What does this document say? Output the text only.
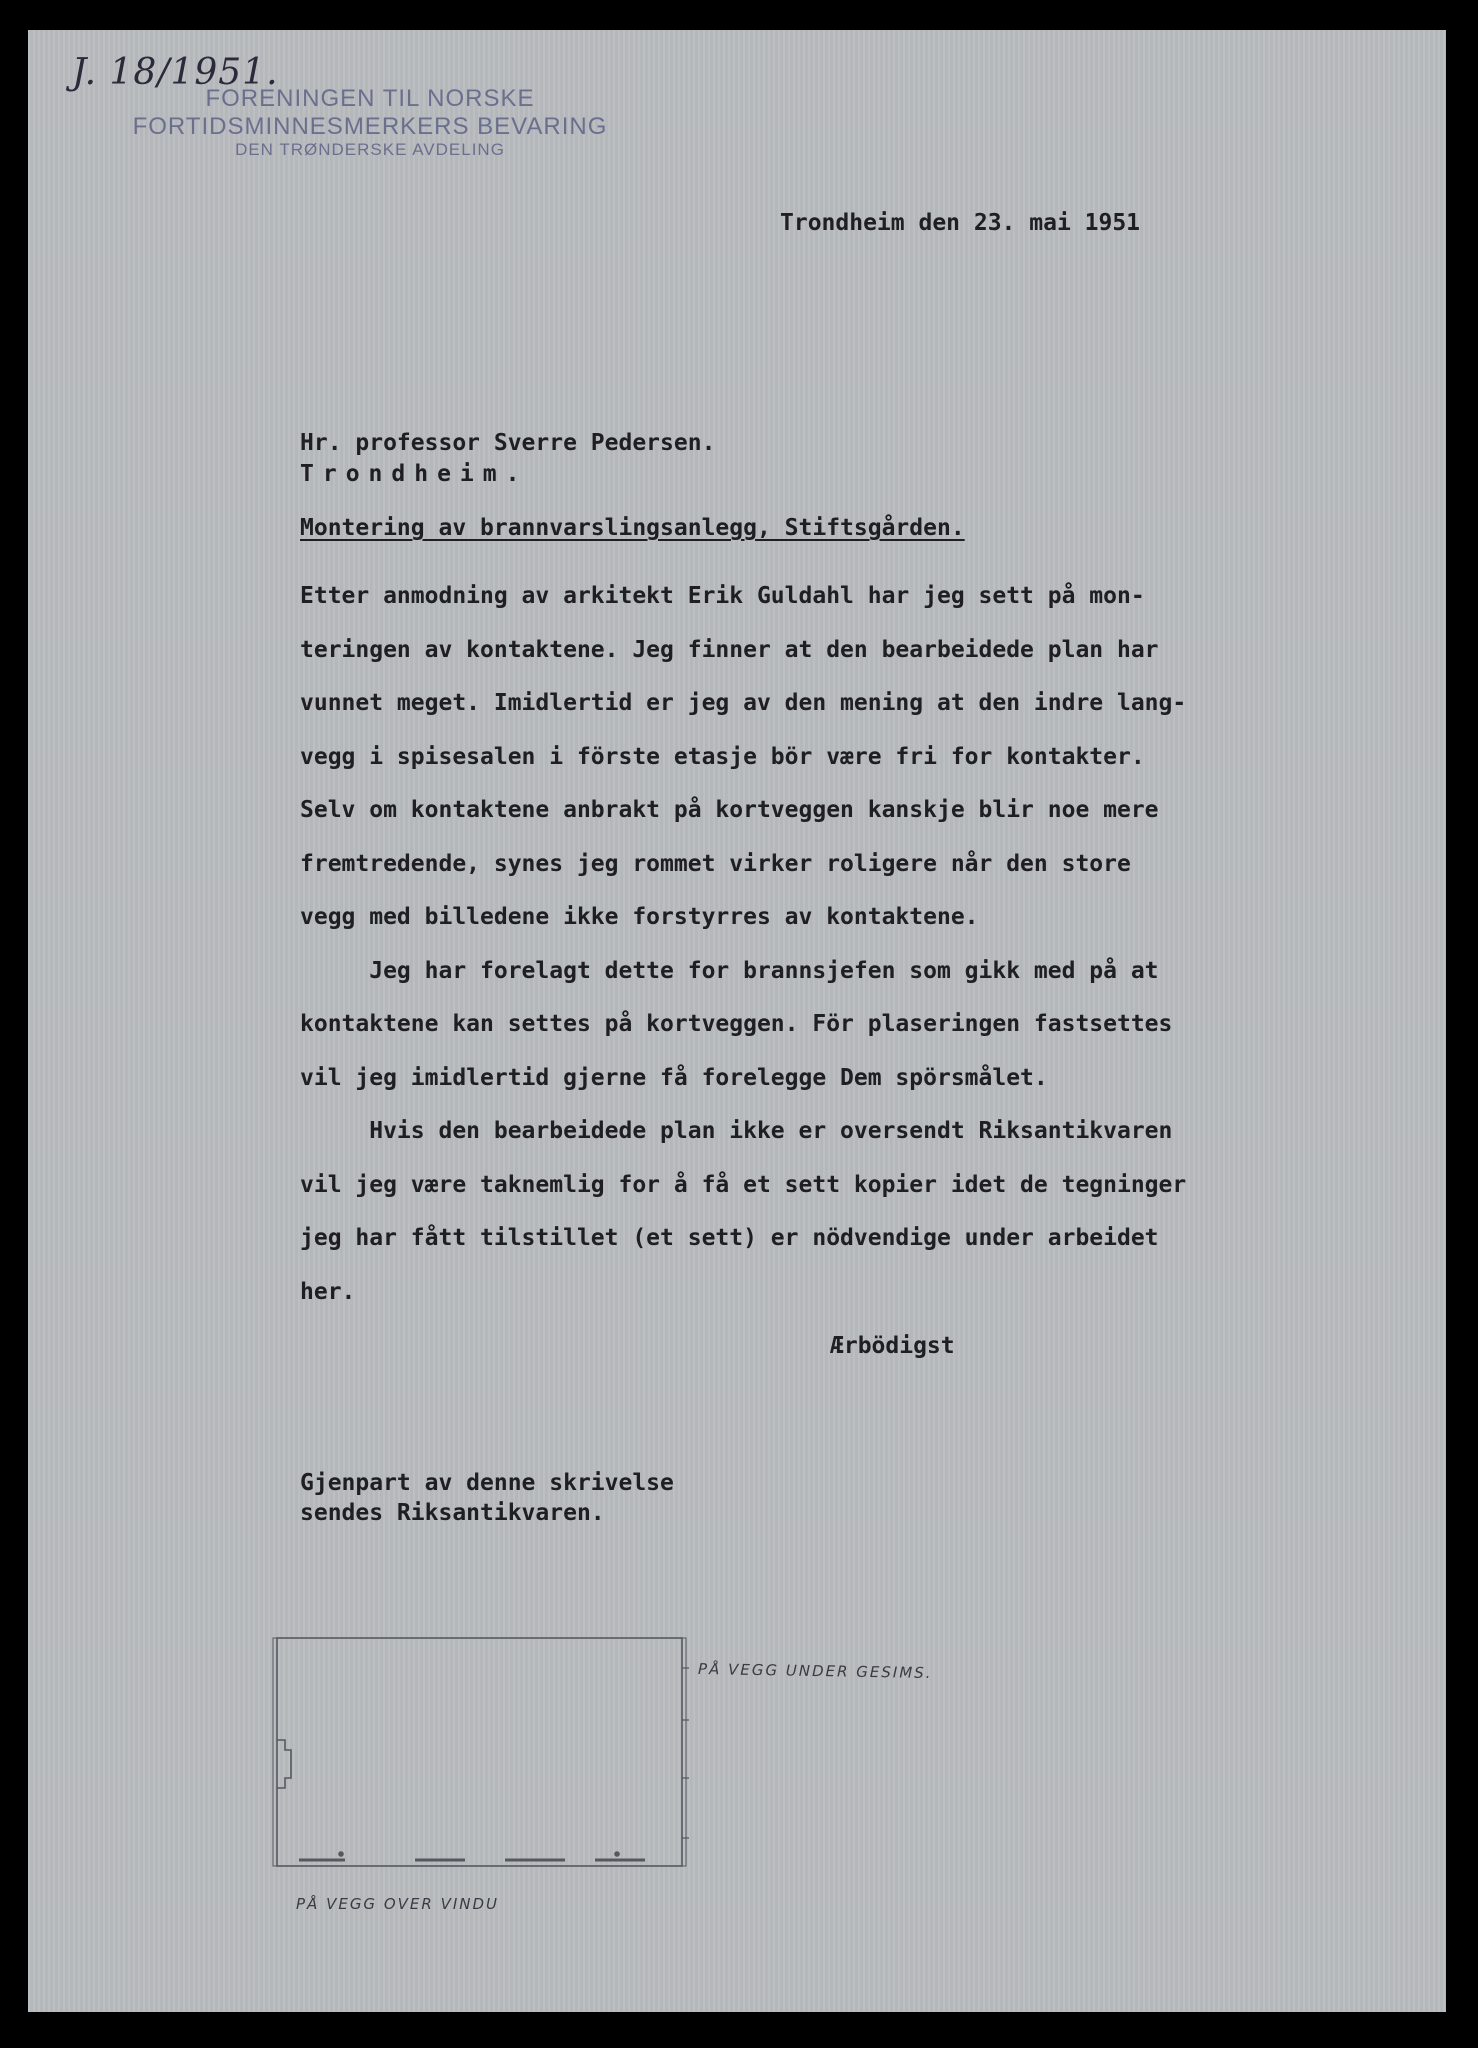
J. 18/1951.
FORENINGEN TIL NORSKE
FORTIDSMINNESMERKERS BEVARING
DEN TRØNDERSKE AVDELING
Trondheim den 23. mai 1951
Hr. professor Sverre Pedersen.
Trondheim.
Montering av brannvarslingsanlegg, Stiftsgården.
Etter anmodning av arkitekt Erik Guldahl har jeg sett på mon-
teringen av kontaktene. Jeg finner at den bearbeidede plan har
vunnet meget. Imidlertid er jeg av den mening at den indre lang-
vegg i spisesalen i förste etasje bör være fri for kontakter.
Selv om kontaktene anbrakt på kortveggen kanskje blir noe mere
fremtredende, synes jeg rommet virker roligere når den store
vegg med billedene ikke forstyrres av kontaktene.
Jeg har forelagt dette for brannsjefen som gikk med på at
kontaktene kan settes på kortveggen. För plaseringen fastsettes
vil jeg imidlertid gjerne få forelegge Dem spörsmålet.
Hvis den bearbeidede plan ikke er oversendt Riksantikvaren
vil jeg være taknemlig for å få et sett kopier idet de tegninger
jeg har fått tilstillet (et sett) er nödvendige under arbeidet
her.
Ærbödigst
Gjenpart av denne skrivelse
sendes Riksantikvaren.
PÅ VEGG UNDER GESIMS.
PÅ VEGG OVER VINDU
